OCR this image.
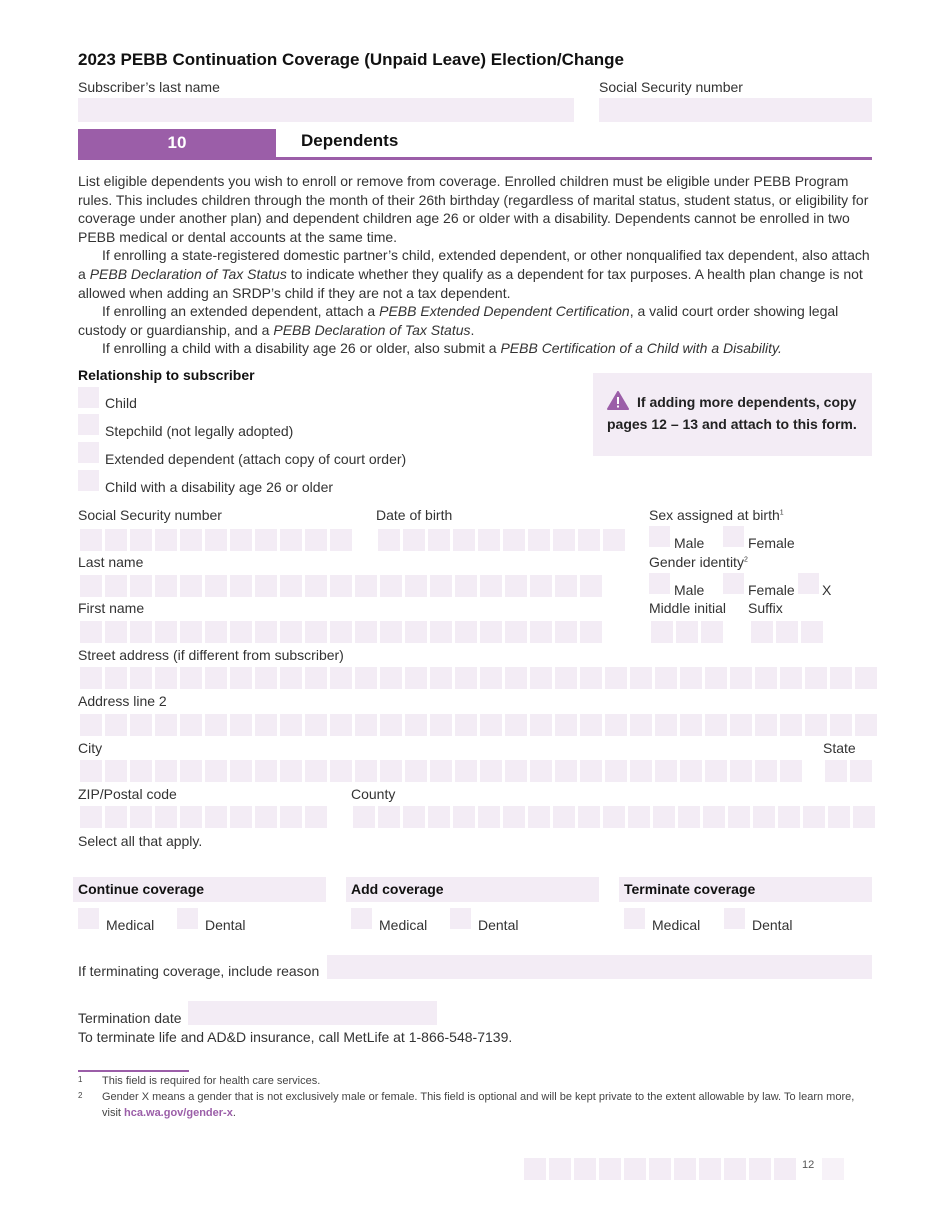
2023 PEBB Continuation Coverage (Unpaid Leave) Election/Change
Subscriber’s last name	Social Security number
10	Dependents

List eligible dependents you wish to enroll or remove from coverage. Enrolled children must be eligible under PEBB Program rules. This includes children through the month of their 26th birthday (regardless of marital status, student status, or eligibility for coverage under another plan) and dependent children age 26 or older with a disability. Dependents cannot be enrolled in two PEBB medical or dental accounts at the same time.

If enrolling a state-registered domestic partner’s child, extended dependent, or other nonqualified tax dependent, also attach a PEBB Declaration of Tax Status to indicate whether they qualify as a dependent for tax purposes. A health plan change is not allowed when adding an SRDP’s child if they are not a tax dependent.

If enrolling an extended dependent, attach a PEBB Extended Dependent Certification, a valid court order showing legal custody or guardianship, and a PEBB Declaration of Tax Status.

If enrolling a child with a disability age 26 or older, also submit a PEBB Certification of a Child with a Disability.

Relationship to subscriber
Child
Stepchild (not legally adopted)
Extended dependent (attach copy of court order)
Child with a disability age 26 or older
If adding more dependents, copy pages 12 – 13 and attach to this form.
Social Security number	Date of birth	Sex assigned at birth$^1$
Male	Female
Last name	Gender identity$^2$
Male	Female X
First name	Middle initial Suffix
Street address (if different from subscriber)
Address line 2
City	State
ZIP/Postal code	County
Select all that apply.
Continue coverage	Add coverage	Terminate coverage
Medical	Dental	Medical	Dental	Medical	Dental
If terminating coverage, include reason
Termination date
To terminate life and AD&D insurance, call MetLife at 1-866-548-7139.
1 This field is required for health care services.
2 Gender X means a gender that is not exclusively male or female. This field is optional and will be kept private to the extent allowable by law. To learn more, visit hca.wa.gov/gender-x.
12
